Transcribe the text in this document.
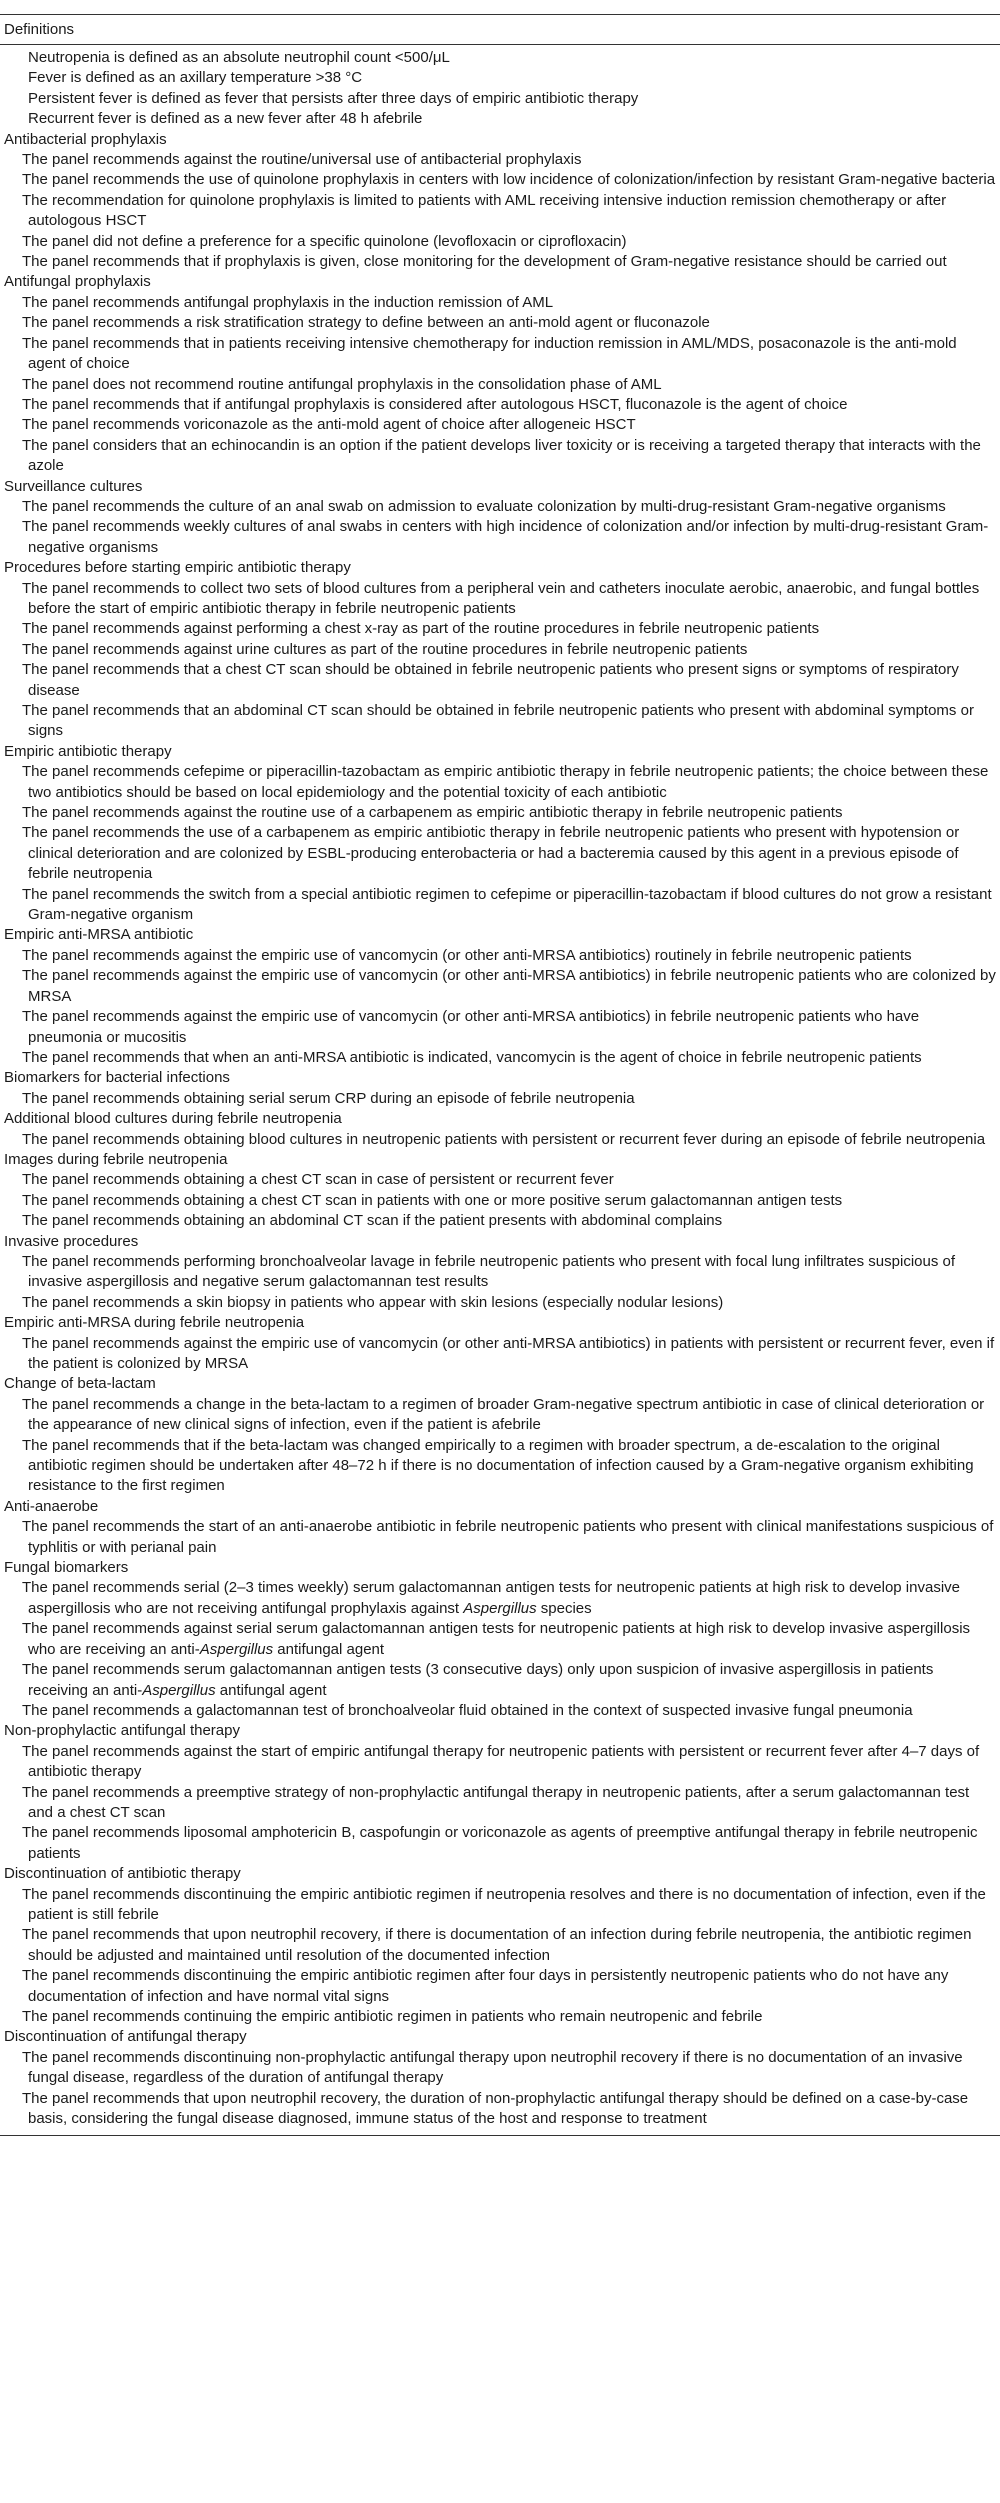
Definitions
Neutropenia is defined as an absolute neutrophil count <500/μL
Fever is defined as an axillary temperature >38 °C
Persistent fever is defined as fever that persists after three days of empiric antibiotic therapy
Recurrent fever is defined as a new fever after 48 h afebrile
Antibacterial prophylaxis
The panel recommends against the routine/universal use of antibacterial prophylaxis
The panel recommends the use of quinolone prophylaxis in centers with low incidence of colonization/infection by resistant Gram-negative bacteria
The recommendation for quinolone prophylaxis is limited to patients with AML receiving intensive induction remission chemotherapy or after autologous HSCT
The panel did not define a preference for a specific quinolone (levofloxacin or ciprofloxacin)
The panel recommends that if prophylaxis is given, close monitoring for the development of Gram-negative resistance should be carried out
Antifungal prophylaxis
The panel recommends antifungal prophylaxis in the induction remission of AML
The panel recommends a risk stratification strategy to define between an anti-mold agent or fluconazole
The panel recommends that in patients receiving intensive chemotherapy for induction remission in AML/MDS, posaconazole is the anti-mold agent of choice
The panel does not recommend routine antifungal prophylaxis in the consolidation phase of AML
The panel recommends that if antifungal prophylaxis is considered after autologous HSCT, fluconazole is the agent of choice
The panel recommends voriconazole as the anti-mold agent of choice after allogeneic HSCT
The panel considers that an echinocandin is an option if the patient develops liver toxicity or is receiving a targeted therapy that interacts with the azole
Surveillance cultures
The panel recommends the culture of an anal swab on admission to evaluate colonization by multi-drug-resistant Gram-negative organisms
The panel recommends weekly cultures of anal swabs in centers with high incidence of colonization and/or infection by multi-drug-resistant Gram-negative organisms
Procedures before starting empiric antibiotic therapy
The panel recommends to collect two sets of blood cultures from a peripheral vein and catheters inoculate aerobic, anaerobic, and fungal bottles before the start of empiric antibiotic therapy in febrile neutropenic patients
The panel recommends against performing a chest x-ray as part of the routine procedures in febrile neutropenic patients
The panel recommends against urine cultures as part of the routine procedures in febrile neutropenic patients
The panel recommends that a chest CT scan should be obtained in febrile neutropenic patients who present signs or symptoms of respiratory disease
The panel recommends that an abdominal CT scan should be obtained in febrile neutropenic patients who present with abdominal symptoms or signs
Empiric antibiotic therapy
The panel recommends cefepime or piperacillin-tazobactam as empiric antibiotic therapy in febrile neutropenic patients; the choice between these two antibiotics should be based on local epidemiology and the potential toxicity of each antibiotic
The panel recommends against the routine use of a carbapenem as empiric antibiotic therapy in febrile neutropenic patients
The panel recommends the use of a carbapenem as empiric antibiotic therapy in febrile neutropenic patients who present with hypotension or clinical deterioration and are colonized by ESBL-producing enterobacteria or had a bacteremia caused by this agent in a previous episode of febrile neutropenia
The panel recommends the switch from a special antibiotic regimen to cefepime or piperacillin-tazobactam if blood cultures do not grow a resistant Gram-negative organism
Empiric anti-MRSA antibiotic
The panel recommends against the empiric use of vancomycin (or other anti-MRSA antibiotics) routinely in febrile neutropenic patients
The panel recommends against the empiric use of vancomycin (or other anti-MRSA antibiotics) in febrile neutropenic patients who are colonized by MRSA
The panel recommends against the empiric use of vancomycin (or other anti-MRSA antibiotics) in febrile neutropenic patients who have pneumonia or mucositis
The panel recommends that when an anti-MRSA antibiotic is indicated, vancomycin is the agent of choice in febrile neutropenic patients
Biomarkers for bacterial infections
The panel recommends obtaining serial serum CRP during an episode of febrile neutropenia
Additional blood cultures during febrile neutropenia
The panel recommends obtaining blood cultures in neutropenic patients with persistent or recurrent fever during an episode of febrile neutropenia
Images during febrile neutropenia
The panel recommends obtaining a chest CT scan in case of persistent or recurrent fever
The panel recommends obtaining a chest CT scan in patients with one or more positive serum galactomannan antigen tests
The panel recommends obtaining an abdominal CT scan if the patient presents with abdominal complains
Invasive procedures
The panel recommends performing bronchoalveolar lavage in febrile neutropenic patients who present with focal lung infiltrates suspicious of invasive aspergillosis and negative serum galactomannan test results
The panel recommends a skin biopsy in patients who appear with skin lesions (especially nodular lesions)
Empiric anti-MRSA during febrile neutropenia
The panel recommends against the empiric use of vancomycin (or other anti-MRSA antibiotics) in patients with persistent or recurrent fever, even if the patient is colonized by MRSA
Change of beta-lactam
The panel recommends a change in the beta-lactam to a regimen of broader Gram-negative spectrum antibiotic in case of clinical deterioration or the appearance of new clinical signs of infection, even if the patient is afebrile
The panel recommends that if the beta-lactam was changed empirically to a regimen with broader spectrum, a de-escalation to the original antibiotic regimen should be undertaken after 48–72 h if there is no documentation of infection caused by a Gram-negative organism exhibiting resistance to the first regimen
Anti-anaerobe
The panel recommends the start of an anti-anaerobe antibiotic in febrile neutropenic patients who present with clinical manifestations suspicious of typhlitis or with perianal pain
Fungal biomarkers
The panel recommends serial (2–3 times weekly) serum galactomannan antigen tests for neutropenic patients at high risk to develop invasive aspergillosis who are not receiving antifungal prophylaxis against Aspergillus species
The panel recommends against serial serum galactomannan antigen tests for neutropenic patients at high risk to develop invasive aspergillosis who are receiving an anti-Aspergillus antifungal agent
The panel recommends serum galactomannan antigen tests (3 consecutive days) only upon suspicion of invasive aspergillosis in patients receiving an anti-Aspergillus antifungal agent
The panel recommends a galactomannan test of bronchoalveolar fluid obtained in the context of suspected invasive fungal pneumonia
Non-prophylactic antifungal therapy
The panel recommends against the start of empiric antifungal therapy for neutropenic patients with persistent or recurrent fever after 4–7 days of antibiotic therapy
The panel recommends a preemptive strategy of non-prophylactic antifungal therapy in neutropenic patients, after a serum galactomannan test and a chest CT scan
The panel recommends liposomal amphotericin B, caspofungin or voriconazole as agents of preemptive antifungal therapy in febrile neutropenic patients
Discontinuation of antibiotic therapy
The panel recommends discontinuing the empiric antibiotic regimen if neutropenia resolves and there is no documentation of infection, even if the patient is still febrile
The panel recommends that upon neutrophil recovery, if there is documentation of an infection during febrile neutropenia, the antibiotic regimen should be adjusted and maintained until resolution of the documented infection
The panel recommends discontinuing the empiric antibiotic regimen after four days in persistently neutropenic patients who do not have any documentation of infection and have normal vital signs
The panel recommends continuing the empiric antibiotic regimen in patients who remain neutropenic and febrile
Discontinuation of antifungal therapy
The panel recommends discontinuing non-prophylactic antifungal therapy upon neutrophil recovery if there is no documentation of an invasive fungal disease, regardless of the duration of antifungal therapy
The panel recommends that upon neutrophil recovery, the duration of non-prophylactic antifungal therapy should be defined on a case-by-case basis, considering the fungal disease diagnosed, immune status of the host and response to treatment
